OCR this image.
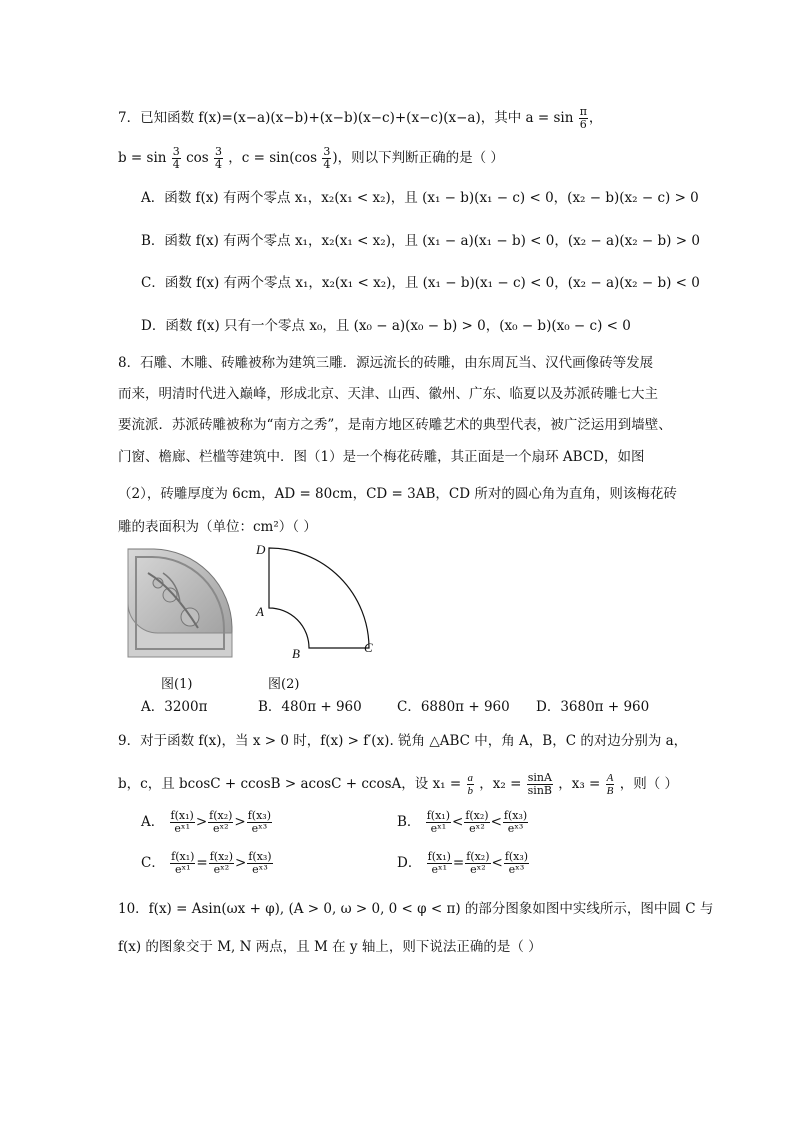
7．已知函数 f(x)=(x−a)(x−b)+(x−b)(x−c)+(x−c)(x−a)，其中 $a = \sin \frac{\pi}{6}$ ，
$b = \sin \frac{3}{4}$ $\cos \frac{3}{4}$ ，$c = \sin(\cos \frac{3}{4}$ )，则以下判断正确的是（ ）
A．函数 f(x) 有两个零点 x₁，x₂(x₁ < x₂)，且 (x₁ − b)(x₁ − c) < 0，(x₂ − b)(x₂ − c) > 0
B．函数 f(x) 有两个零点 x₁，x₂(x₁ < x₂)，且 (x₁ − a)(x₁ − b) < 0，(x₂ − a)(x₂ − b) > 0
C．函数 f(x) 有两个零点 x₁，x₂(x₁ < x₂)，且 (x₁ − b)(x₁ − c) < 0，(x₂ − a)(x₂ − b) < 0
D．函数 f(x) 只有一个零点 x₀，且 (x₀ − a)(x₀ − b) > 0，(x₀ − b)(x₀ − c) < 0
8．石雕、木雕、砖雕被称为建筑三雕．源远流长的砖雕，由东周瓦当、汉代画像砖等发展
而来，明清时代进入巅峰，形成北京、天津、山西、徽州、广东、临夏以及苏派砖雕七大主
要流派．苏派砖雕被称为“南方之秀”，是南方地区砖雕艺术的典型代表，被广泛运用到墙壁、
门窗、檐廊、栏槛等建筑中．图（1）是一个梅花砖雕，其正面是一个扇环 ABCD，如图
（2），砖雕厚度为 6cm，AD = 80cm，CD = 3AB，CD 所对的圆心角为直角，则该梅花砖
雕的表面积为（单位：cm²）（ ）
D
A
B	C
图(1)	图(2)
A．3200π	B．480π + 960	C．6880π + 960 D．3680π + 960
9．对于函数 f(x)，当 x > 0 时，f(x) > f′(x). 锐角 △ABC 中，角 A，B，C 的对边分别为 a，
b，c，且 bcosC + ccosB > acosC + ccosA，设 $x_1 = \frac{a}{b}$ ，$x_2 = \frac{\sin A}{\sin B}$ ，$x_3 = \frac{A}{B}$ ，则（ ）
A． $\frac{\text{f(x₁)}}{\text{eˣ¹}} > \frac{\text{f(x₂)}}{\text{eˣ²}} > \frac{\text{f(x₃)}}{\text{eˣ³}}$	B． $\frac{\text{f(x₁)}}{\text{eˣ¹}} < \frac{\text{f(x₂)}}{\text{eˣ²}} < \frac{\text{f(x₃)}}{\text{eˣ³}}$
C． $\frac{\text{f(x₁)}}{\text{eˣ¹}} = \frac{\text{f(x₂)}}{\text{eˣ²}} > \frac{\text{f(x₃)}}{\text{eˣ³}}$	D． $\frac{\text{f(x₁)}}{\text{eˣ¹}} = \frac{\text{f(x₂)}}{\text{eˣ²}} < \frac{\text{f(x₃)}}{\text{eˣ³}}$
10．f(x) = Asin(ωx + φ), (A > 0, ω > 0, 0 < φ < π) 的部分图象如图中实线所示，图中圆 C 与
f(x) 的图象交于 M, N 两点，且 M 在 y 轴上，则下说法正确的是（ ）
